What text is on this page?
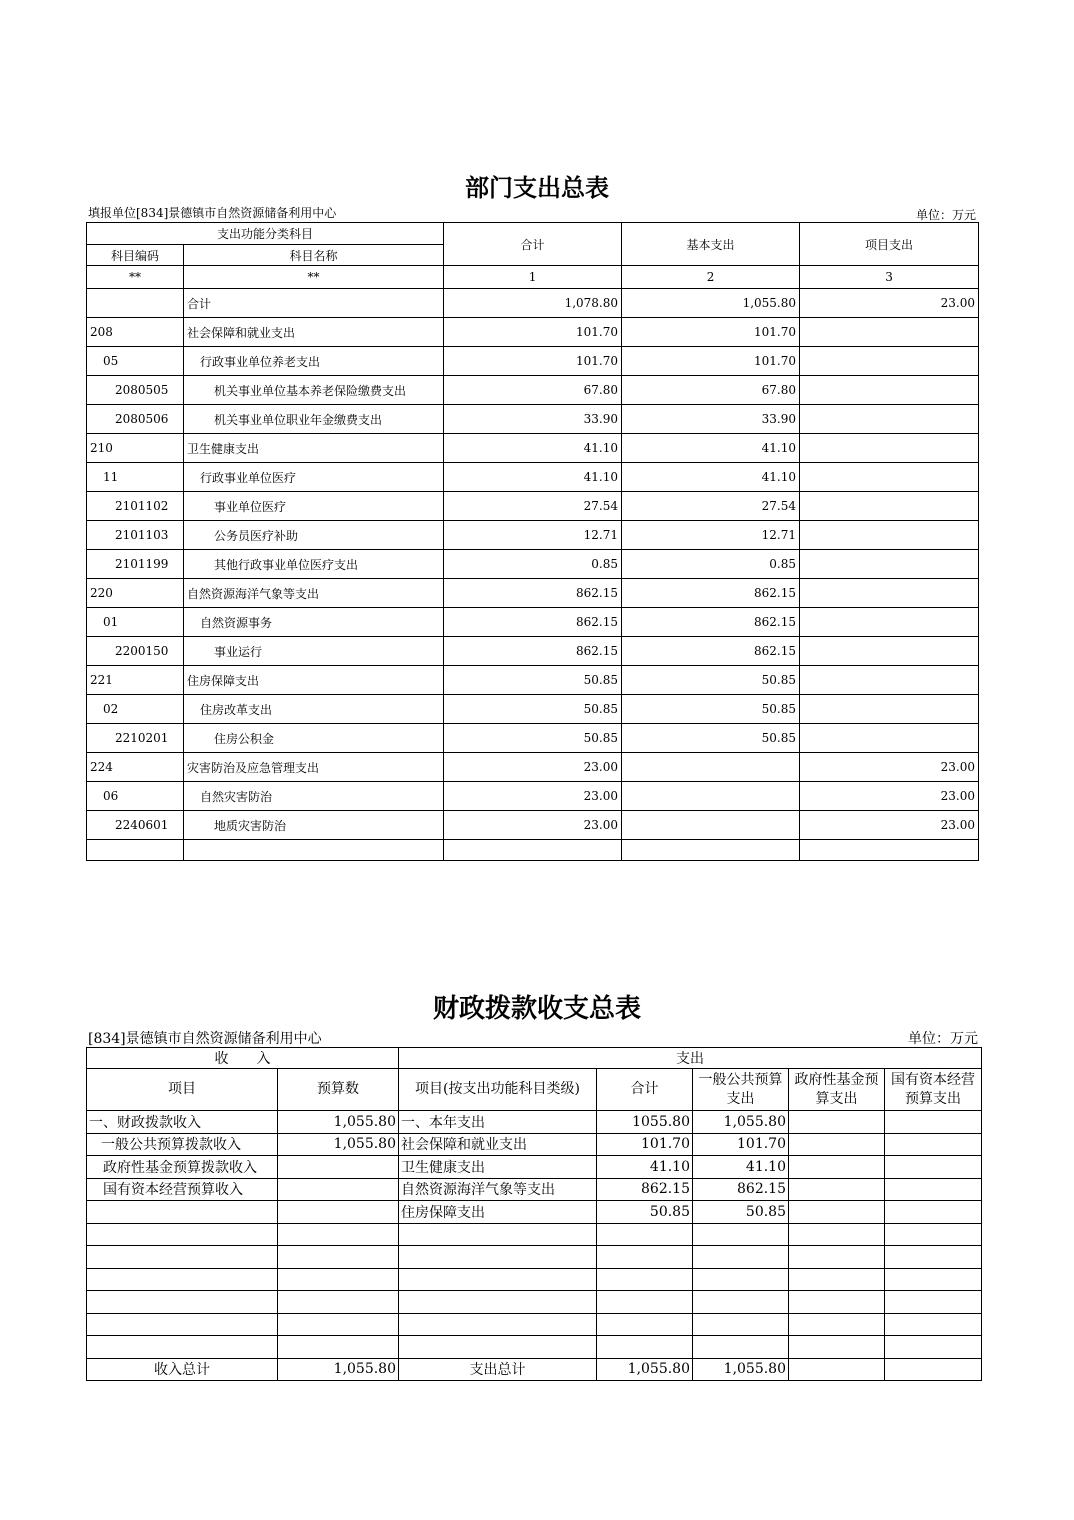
部门支出总表
填报单位[834]景德镇市自然资源储备利用中心	单位：万元
支出功能分类科目		合计	基本支出	项目支出
科目编码	科目名称			
**	**	1	2	3
	合计	1,078.80	1,055.80	23.00
208	社会保障和就业支出	101.70	101.70	
05	行政事业单位养老支出	101.70	101.70	
2080505	机关事业单位基本养老保险缴费支出	67.80	67.80	
2080506	机关事业单位职业年金缴费支出	33.90	33.90	
210	卫生健康支出	41.10	41.10	
11	行政事业单位医疗	41.10	41.10	
2101102	事业单位医疗	27.54	27.54	
2101103	公务员医疗补助	12.71	12.71	
2101199	其他行政事业单位医疗支出	0.85	0.85	
220	自然资源海洋气象等支出	862.15	862.15	
01	自然资源事务	862.15	862.15	
2200150	事业运行	862.15	862.15	
221	住房保障支出	50.85	50.85	
02	住房改革支出	50.85	50.85	
2210201	住房公积金	50.85	50.85	
224	灾害防治及应急管理支出	23.00		23.00
06	自然灾害防治	23.00		23.00
2240601	地质灾害防治	23.00		23.00

财政拨款收支总表
[834]景德镇市自然资源储备利用中心	单位：万元
收　　入		支出				
项目	预算数	项目(按支出功能科目类级)	合计	一般公共预算支出	政府性基金预算支出	国有资本经营预算支出
一、财政拨款收入	1,055.80	一、本年支出	1055.80	1,055.80		
一般公共预算拨款收入	1,055.80	社会保障和就业支出	101.70	101.70		
政府性基金预算拨款收入		卫生健康支出	41.10	41.10		
国有资本经营预算收入		自然资源海洋气象等支出	862.15	862.15		
		住房保障支出	50.85	50.85		

收入总计	1,055.80	支出总计	1,055.80	1,055.80		
